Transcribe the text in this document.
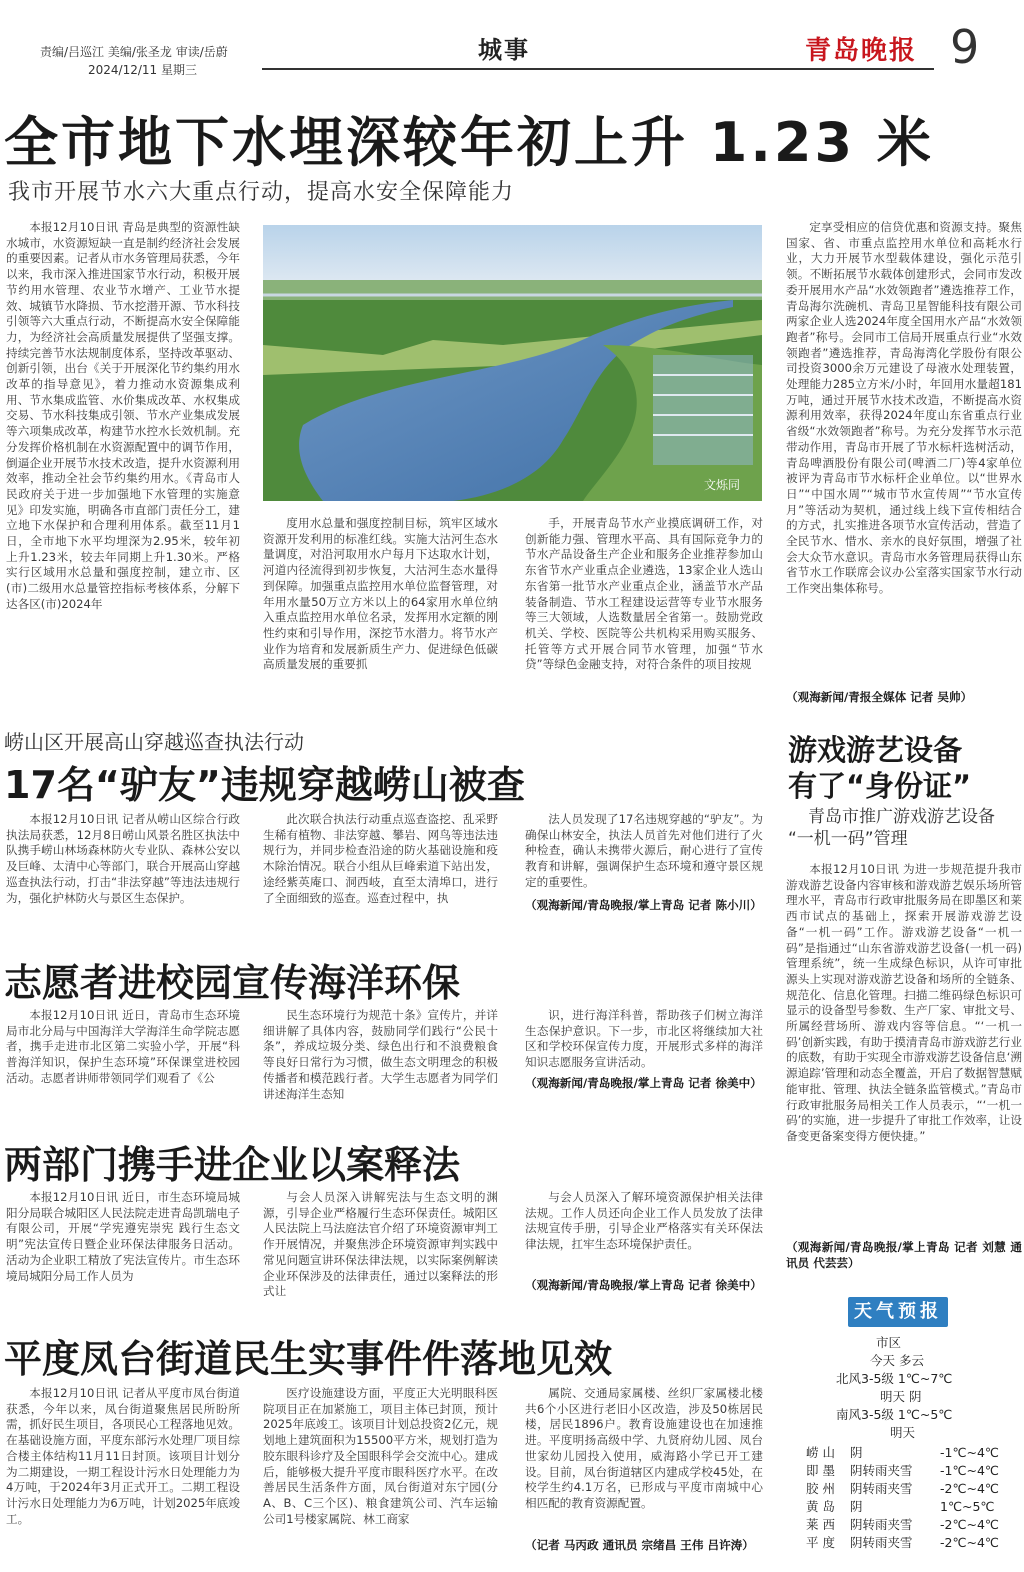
责编/吕巡江 美编/张圣龙 审读/岳蔚
2024/12/11 星期三
城事	青岛晚报 9
全市地下水埋深较年初上升 1.23 米
我市开展节水六大重点行动，提高水安全保障能力

本报12月10日讯 青岛是典型的资源性缺水城市，水资源短缺一直是制约经济社会发展的重要因素。记者从市水务管理局获悉，今年以来，我市深入推进国家节水行动，积极开展节约用水管理、农业节水增产、工业节水提效、城镇节水降损、节水挖潜开源、节水科技引领等六大重点行动，不断提高水安全保障能力，为经济社会高质量发展提供了坚强支撑。持续完善节水法规制度体系，坚持改革驱动、创新引领，出台《关于开展深化节约集约用水改革的指导意见》，着力推动水资源集成利用、节水集成监管、水价集成改革、水权集成交易、节水科技集成引领、节水产业集成发展等六项集成改革，构建节水控水长效机制。充分发挥价格机制在水资源配置中的调节作用，倒逼企业开展节水技术改造，提升水资源利用效率，推动全社会节约集约用水。《青岛市人民政府关于进一步加强地下水管理的实施意见》印发实施，明确各市直部门责任分工，建立地下水保护和合理利用体系。截至11月1日，全市地下水平均埋深为2.95米，较年初上升1.23米，较去年同期上升1.30米。严格实行区域用水总量和强度控制，建立市、区(市)二级用水总量管控指标考核体系，分解下达各区(市)2024年

文烁同

度用水总量和强度控制目标，筑牢区域水资源开发利用的标准红线。实施大沽河生态水量调度，对沿河取用水户每月下达取水计划，河道内径流得到初步恢复，大沽河生态水量得到保障。加强重点监控用水单位监督管理，对年用水量50万立方米以上的64家用水单位纳入重点监控用水单位名录，发挥用水定额的刚性约束和引导作用，深挖节水潜力。将节水产业作为培育和发展新质生产力、促进绿色低碳高质量发展的重要抓

手，开展青岛节水产业摸底调研工作，对创新能力强、管理水平高、具有国际竞争力的节水产品设备生产企业和服务企业推荐参加山东省节水产业重点企业遴选，13家企业人选山东省第一批节水产业重点企业，涵盖节水产品装备制造、节水工程建设运营等专业节水服务等三大领域，人选数量居全省第一。鼓励党政机关、学校、医院等公共机构采用购买服务、托管等方式开展合同节水管理，加强“节水贷”等绿色金融支持，对符合条件的项目按规

定享受相应的信贷优惠和资源支持。聚焦国家、省、市重点监控用水单位和高耗水行业，大力开展节水型载体建设，强化示范引领。不断拓展节水载体创建形式，会同市发改委开展用水产品“水效领跑者”遴选推荐工作，青岛海尔洗碗机、青岛卫星智能科技有限公司两家企业人选2024年度全国用水产品“水效领跑者”称号。会同市工信局开展重点行业“水效领跑者”遴选推荐，青岛海湾化学股份有限公司投资3000余万元建设了母液水处理装置，处理能力285立方米/小时，年回用水量超181万吨，通过开展节水技术改造，不断提高水资源利用效率，获得2024年度山东省重点行业省级“水效领跑者”称号。为充分发挥节水示范带动作用，青岛市开展了节水标杆选树活动，青岛啤酒股份有限公司(啤酒二厂)等4家单位被评为青岛市节水标杆企业单位。以“世界水日”“中国水周”“城市节水宣传周”“节水宣传月”等活动为契机，通过线上线下宣传相结合的方式，扎实推进各项节水宣传活动，营造了全民节水、惜水、亲水的良好氛围，增强了社会大众节水意识。青岛市水务管理局获得山东省节水工作联席会议办公室落实国家节水行动工作突出集体称号。

（观海新闻/青报全媒体 记者 吴帅）
崂山区开展高山穿越巡查执法行动
17名“驴友”违规穿越崂山被查

本报12月10日讯 记者从崂山区综合行政执法局获悉，12月8日崂山风景名胜区执法中队携手崂山林场森林防火专业队、森林公安以及巨峰、太清中心等部门，联合开展高山穿越巡查执法行动，打击“非法穿越”等违法违规行为，强化护林防火与景区生态保护。

此次联合执法行动重点巡查盗挖、乱采野生稀有植物、非法穿越、攀岩、网鸟等违法违规行为，并同步检查沿途的防火基础设施和疫木除治情况。联合小组从巨峰索道下站出发，途经紫英庵口、洞西岐，直至太清埠口，进行了全面细致的巡查。巡查过程中，执

法人员发现了17名违规穿越的“驴友”。为确保山林安全，执法人员首先对他们进行了火种检查，确认未携带火源后，耐心进行了宣传教育和讲解，强调保护生态环境和遵守景区规定的重要性。

（观海新闻/青岛晚报/掌上青岛 记者 陈小川）
志愿者进校园宣传海洋环保

本报12月10日讯 近日，青岛市生态环境局市北分局与中国海洋大学海洋生命学院志愿者，携手走进市北区第二实验小学，开展“科普海洋知识，保护生态环境”环保课堂进校园活动。志愿者讲师带领同学们观看了《公

民生态环境行为规范十条》宣传片，并详细讲解了具体内容，鼓励同学们践行“公民十条”，养成垃圾分类、绿色出行和不浪费粮食等良好日常行为习惯，做生态文明理念的积极传播者和模范践行者。大学生志愿者为同学们讲述海洋生态知

识，进行海洋科普，帮助孩子们树立海洋生态保护意识。下一步，市北区将继续加大社区和学校环保宣传力度，开展形式多样的海洋知识志愿服务宣讲活动。

（观海新闻/青岛晚报/掌上青岛 记者 徐美中）
两部门携手进企业以案释法

本报12月10日讯 近日，市生态环境局城阳分局联合城阳区人民法院走进青岛凯瑞电子有限公司，开展“学宪遵宪崇宪 践行生态文明”宪法宣传日暨企业环保法律服务日活动。活动为企业职工精放了宪法宣传片。市生态环境局城阳分局工作人员为

与会人员深入讲解宪法与生态文明的渊源，引导企业严格履行生态环保责任。城阳区人民法院上马法庭法官介绍了环境资源审判工作开展情况，并聚焦涉企环境资源审判实践中常见问题宣讲环保法律法规，以实际案例解读企业环保涉及的法律责任，通过以案释法的形式让

与会人员深入了解环境资源保护相关法律法规。工作人员还向企业工作人员发放了法律法规宣传手册，引导企业严格落实有关环保法律法规，扛牢生态环境保护责任。

（观海新闻/青岛晚报/掌上青岛 记者 徐美中）
平度凤台街道民生实事件件落地见效

本报12月10日讯 记者从平度市凤台街道获悉，今年以来，凤台街道聚焦居民所盼所需，抓好民生项目，各项民心工程落地见效。在基础设施方面，平度东部污水处理厂项目综合楼主体结构11月11日封顶。该项目计划分为二期建设，一期工程设计污水日处理能力为4万吨，于2024年3月正式开工。二期工程设计污水日处理能力为6万吨，计划2025年底竣工。

医疗设施建设方面，平度正大光明眼科医院项目正在加紧施工，项目主体已封顶，预计2025年底竣工。该项目计划总投资2亿元，规划地上建筑面积为15500平方米，规划打造为胶东眼科诊疗及全国眼科学会交流中心。建成后，能够极大提升平度市眼科医疗水平。在改善居民生活条件方面，凤台街道对东宁园(分A、B、C三个区)、粮食建筑公司、汽车运输公司1号楼家属院、林工商家

属院、交通局家属楼、丝织厂家属楼北楼共6个小区进行老旧小区改造，涉及50栋居民楼，居民1896户。教育设施建设也在加速推进。平度明扬高级中学、九贤府幼儿园、凤台世家幼儿园投入使用，威海路小学已开工建设。目前，凤台街道辖区内建成学校45处，在校学生约4.1万名，已形成与平度市南城中心相匹配的教育资源配置。

（记者 马丙政 通讯员 宗绪昌 王伟 吕许涛）
游戏游艺设备
有了“身份证”
青岛市推广游戏游艺设备
“一机一码”管理

本报12月10日讯 为进一步规范提升我市游戏游艺设备内容审核和游戏游艺娱乐场所管理水平，青岛市行政审批服务局在即墨区和莱西市试点的基础上，探索开展游戏游艺设备“一机一码”工作。游戏游艺设备“一机一码”是指通过“山东省游戏游艺设备(一机一码)管理系统”，统一生成绿色标识，从许可审批源头上实现对游戏游艺设备和场所的全链条、规范化、信息化管理。扫描二维码绿色标识可显示的设备型号参数、生产厂家、审批文号、所属经营场所、游戏内容等信息。“‘一机一码’创新实践，有助于摸清青岛市游戏游艺行业的底数，有助于实现全市游戏游艺设备信息‘溯源追踪’管理和动态全覆盖，开启了数据智慧赋能审批、管理、执法全链条监管模式。”青岛市行政审批服务局相关工作人员表示，“‘一机一码’的实施，进一步提升了审批工作效率，让设备变更备案变得方便快捷。”

（观海新闻/青岛晚报/掌上青岛 记者 刘慧 通讯员 代芸芸）
天气预报
市区
今天 多云
北风3-5级 1℃~7℃
明天 阴
南风3-5级 1℃~5℃
明天
崂 山	阴	-1℃~4℃
即 墨	阴转雨夹雪	-1℃~4℃
胶 州	阴转雨夹雪	-2℃~4℃
黄 岛	阴	1℃~5℃
莱 西	阴转雨夹雪	-2℃~4℃
平 度	阴转雨夹雪	-2℃~4℃
